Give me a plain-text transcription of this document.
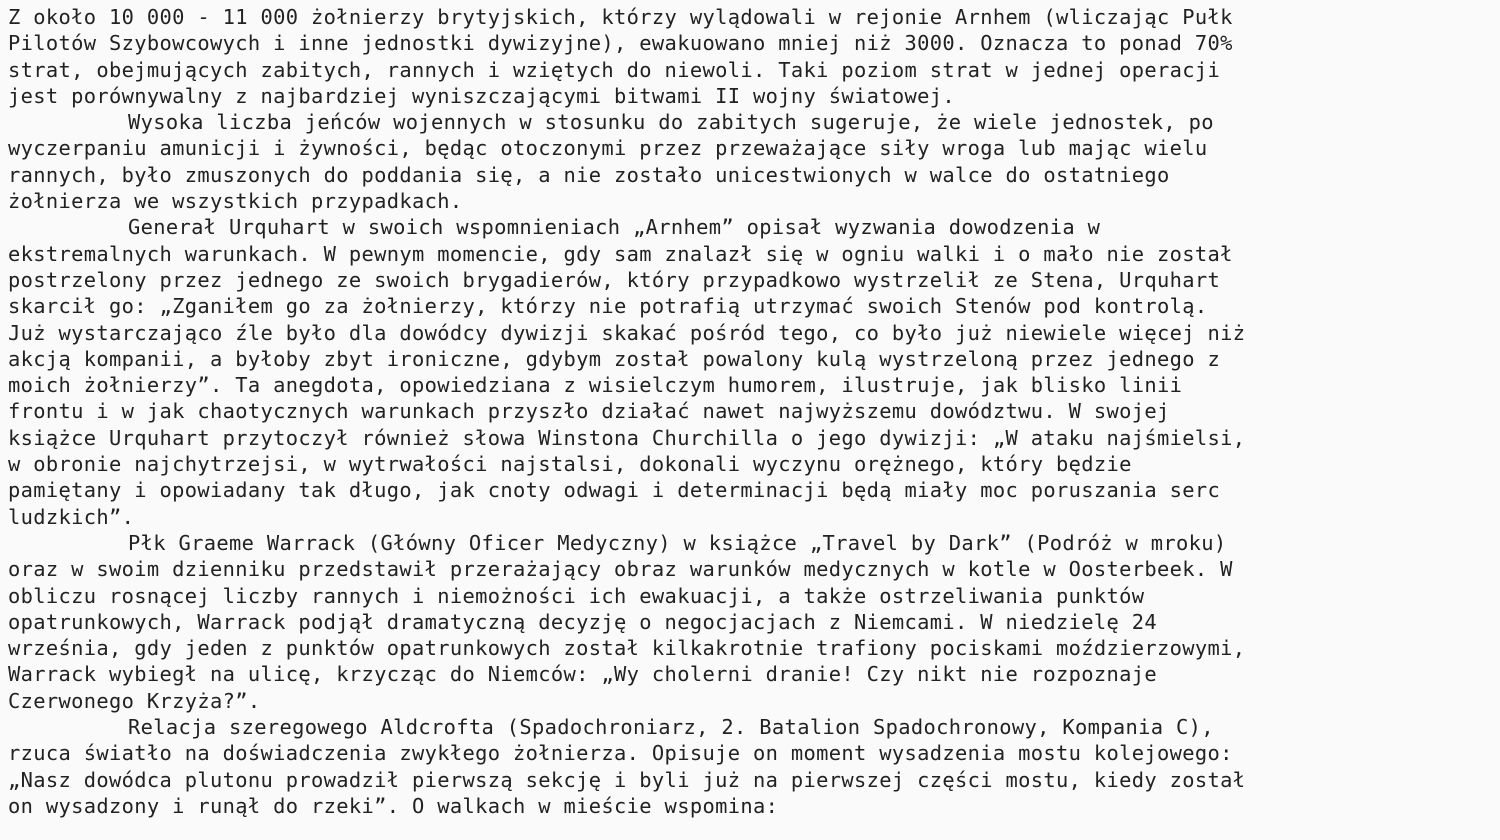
Z około 10 000 - 11 000 żołnierzy brytyjskich, którzy wylądowali w rejonie Arnhem (wliczając Pułk
Pilotów Szybowcowych i inne jednostki dywizyjne), ewakuowano mniej niż 3000. Oznacza to ponad 70%
strat, obejmujących zabitych, rannych i wziętych do niewoli. Taki poziom strat w jednej operacji
jest porównywalny z najbardziej wyniszczającymi bitwami II wojny światowej.
Wysoka liczba jeńców wojennych w stosunku do zabitych sugeruje, że wiele jednostek, po
wyczerpaniu amunicji i żywności, będąc otoczonymi przez przeważające siły wroga lub mając wielu
rannych, było zmuszonych do poddania się, a nie zostało unicestwionych w walce do ostatniego
żołnierza we wszystkich przypadkach.
Generał Urquhart w swoich wspomnieniach „Arnhem” opisał wyzwania dowodzenia w
ekstremalnych warunkach. W pewnym momencie, gdy sam znalazł się w ogniu walki i o mało nie został
postrzelony przez jednego ze swoich brygadierów, który przypadkowo wystrzelił ze Stena, Urquhart
skarcił go: „Zganiłem go za żołnierzy, którzy nie potrafią utrzymać swoich Stenów pod kontrolą.
Już wystarczająco źle było dla dowódcy dywizji skakać pośród tego, co było już niewiele więcej niż
akcją kompanii, a byłoby zbyt ironiczne, gdybym został powalony kulą wystrzeloną przez jednego z
moich żołnierzy”. Ta anegdota, opowiedziana z wisielczym humorem, ilustruje, jak blisko linii
frontu i w jak chaotycznych warunkach przyszło działać nawet najwyższemu dowództwu. W swojej
książce Urquhart przytoczył również słowa Winstona Churchilla o jego dywizji: „W ataku najśmielsi,
w obronie najchytrzejsi, w wytrwałości najstalsi, dokonali wyczynu orężnego, który będzie
pamiętany i opowiadany tak długo, jak cnoty odwagi i determinacji będą miały moc poruszania serc
ludzkich”.
Płk Graeme Warrack (Główny Oficer Medyczny) w książce „Travel by Dark” (Podróż w mroku)
oraz w swoim dzienniku przedstawił przerażający obraz warunków medycznych w kotle w Oosterbeek. W
obliczu rosnącej liczby rannych i niemożności ich ewakuacji, a także ostrzeliwania punktów
opatrunkowych, Warrack podjął dramatyczną decyzję o negocjacjach z Niemcami. W niedzielę 24
września, gdy jeden z punktów opatrunkowych został kilkakrotnie trafiony pociskami moździerzowymi,
Warrack wybiegł na ulicę, krzycząc do Niemców: „Wy cholerni dranie! Czy nikt nie rozpoznaje
Czerwonego Krzyża?”.
Relacja szeregowego Aldcrofta (Spadochroniarz, 2. Batalion Spadochronowy, Kompania C),
rzuca światło na doświadczenia zwykłego żołnierza. Opisuje on moment wysadzenia mostu kolejowego:
„Nasz dowódca plutonu prowadził pierwszą sekcję i byli już na pierwszej części mostu, kiedy został
on wysadzony i runął do rzeki”. O walkach w mieście wspomina:
